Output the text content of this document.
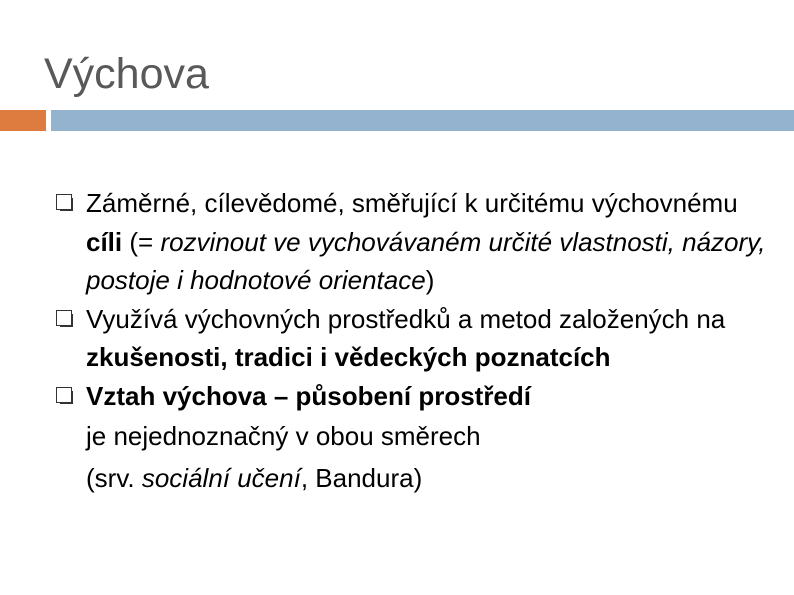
Výchova
Záměrné, cílevědomé, směřující k určitému výchovnému cíli (= rozvinout ve vychovávaném určité vlastnosti, názory, postoje i hodnotové orientace)
Využívá výchovných prostředků a metod založených na zkušenosti, tradici i vědeckých poznatcích
Vztah výchova – působení prostředí
je nejednoznačný v obou směrech
(srv. sociální učení, Bandura)
